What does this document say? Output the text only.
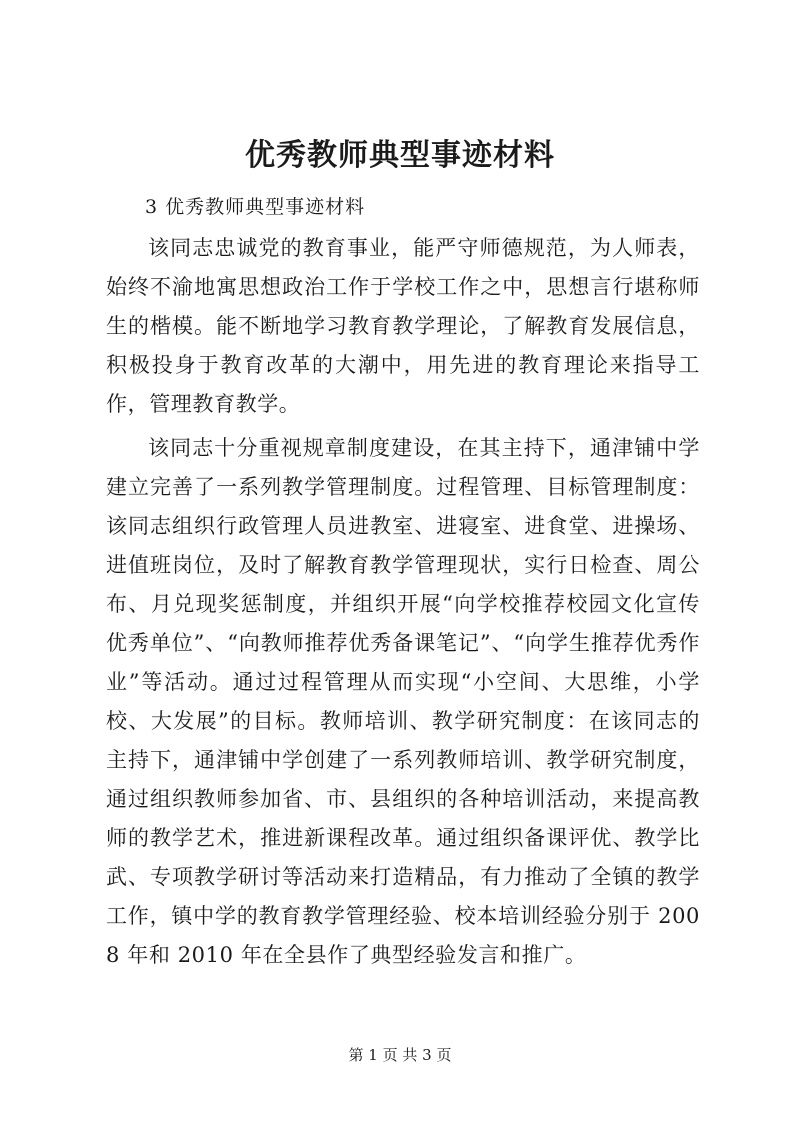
优秀教师典型事迹材料
3 优秀教师典型事迹材料

该同志忠诚党的教育事业，能严守师德规范，为人师表，始终不渝地寓思想政治工作于学校工作之中，思想言行堪称师生的楷模。能不断地学习教育教学理论，了解教育发展信息，积极投身于教育改革的大潮中，用先进的教育理论来指导工作，管理教育教学。

该同志十分重视规章制度建设，在其主持下，通津铺中学建立完善了一系列教学管理制度。过程管理、目标管理制度：该同志组织行政管理人员进教室、进寝室、进食堂、进操场、进值班岗位，及时了解教育教学管理现状，实行日检查、周公布、月兑现奖惩制度，并组织开展“向学校推荐校园文化宣传优秀单位”、“向教师推荐优秀备课笔记”、“向学生推荐优秀作业”等活动。通过过程管理从而实现“小空间、大思维，小学校、大发展”的目标。教师培训、教学研究制度：在该同志的主持下，通津铺中学创建了一系列教师培训、教学研究制度，通过组织教师参加省、市、县组织的各种培训活动，来提高教师的教学艺术，推进新课程改革。通过组织备课评优、教学比武、专项教学研讨等活动来打造精品，有力推动了全镇的教学工作，镇中学的教育教学管理经验、校本培训经验分别于 2008 年和 2010 年在全县作了典型经验发言和推广。

第 1 页 共 3 页
